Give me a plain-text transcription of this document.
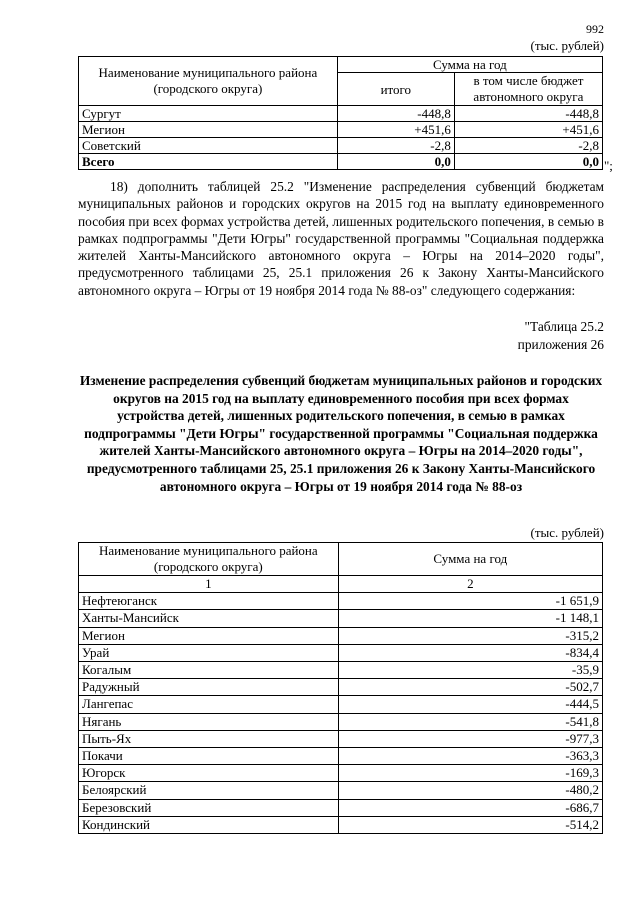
992
(тыс. рублей)
Наименование муниципального района (городского округа)	Сумма на год	
	итого	в том числе бюджет автономного округа
Сургут	-448,8	-448,8
Мегион	+451,6	+451,6
Советский	-2,8	-2,8
Всего	0,0	0,0 ";
18) дополнить таблицей 25.2 "Изменение распределения субвенций бюджетам муниципальных районов и городских округов на 2015 год на выплату единовременного пособия при всех формах устройства детей, лишенных родительского попечения, в семью в рамках подпрограммы "Дети Югры" государственной программы "Социальная поддержка жителей Ханты-Мансийского автономного округа – Югры на 2014–2020 годы", предусмотренного таблицами 25, 25.1 приложения 26 к Закону Ханты-Мансийского автономного округа – Югры от 19 ноября 2014 года № 88-оз" следующего содержания:
"Таблица 25.2
приложения 26
Изменение распределения субвенций бюджетам муниципальных районов и городских округов на 2015 год на выплату единовременного пособия при всех формах устройства детей, лишенных родительского попечения, в семью в рамках подпрограммы "Дети Югры" государственной программы "Социальная поддержка жителей Ханты-Мансийского автономного округа – Югры на 2014–2020 годы", предусмотренного таблицами 25, 25.1 приложения 26 к Закону Ханты-Мансийского автономного округа – Югры от 19 ноября 2014 года № 88-оз
(тыс. рублей)
Наименование муниципального района (городского округа)	Сумма на год
1	2
Нефтеюганск	-1 651,9
Ханты-Мансийск	-1 148,1
Мегион	-315,2
Урай	-834,4
Когалым	-35,9
Радужный	-502,7
Лангепас	-444,5
Нягань	-541,8
Пыть-Ях	-977,3
Покачи	-363,3
Югорск	-169,3
Белоярский	-480,2
Березовский	-686,7
Кондинский	-514,2
